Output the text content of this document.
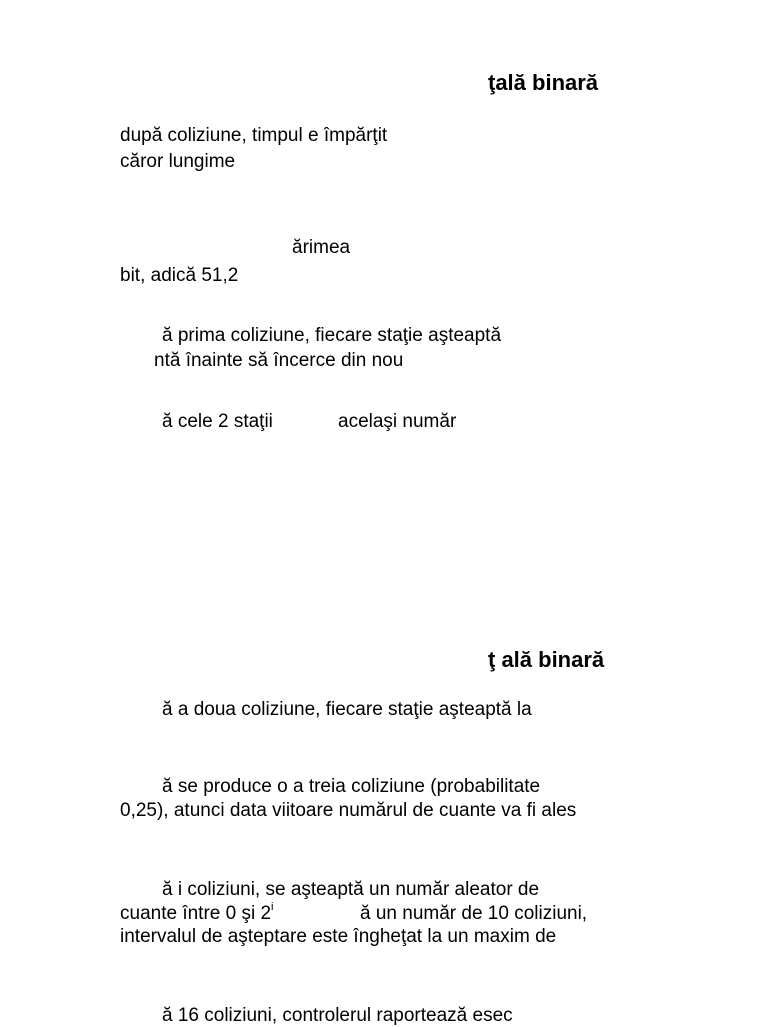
ţală binară
după coliziune, timpul e împărţit
căror lungime
ărimea
bit, adică 51,2
ă prima coliziune, fiecare staţie aşteaptă
ntă înainte să încerce din nou
ă cele 2 staţii	acelaşi număr
ţ ală binară
ă a doua coliziune, fiecare staţie aşteaptă la
ă se produce o a treia coliziune (probabilitate
0,25), atunci data viitoare numărul de cuante va fi ales
ă i coliziuni, se aşteaptă un număr aleator de
cuante între 0 şi 2$^i$	ă un număr de 10 coliziuni,
intervalul de aşteptare este îngheţat la un maxim de
ă 16 coliziuni, controlerul raportează esec
